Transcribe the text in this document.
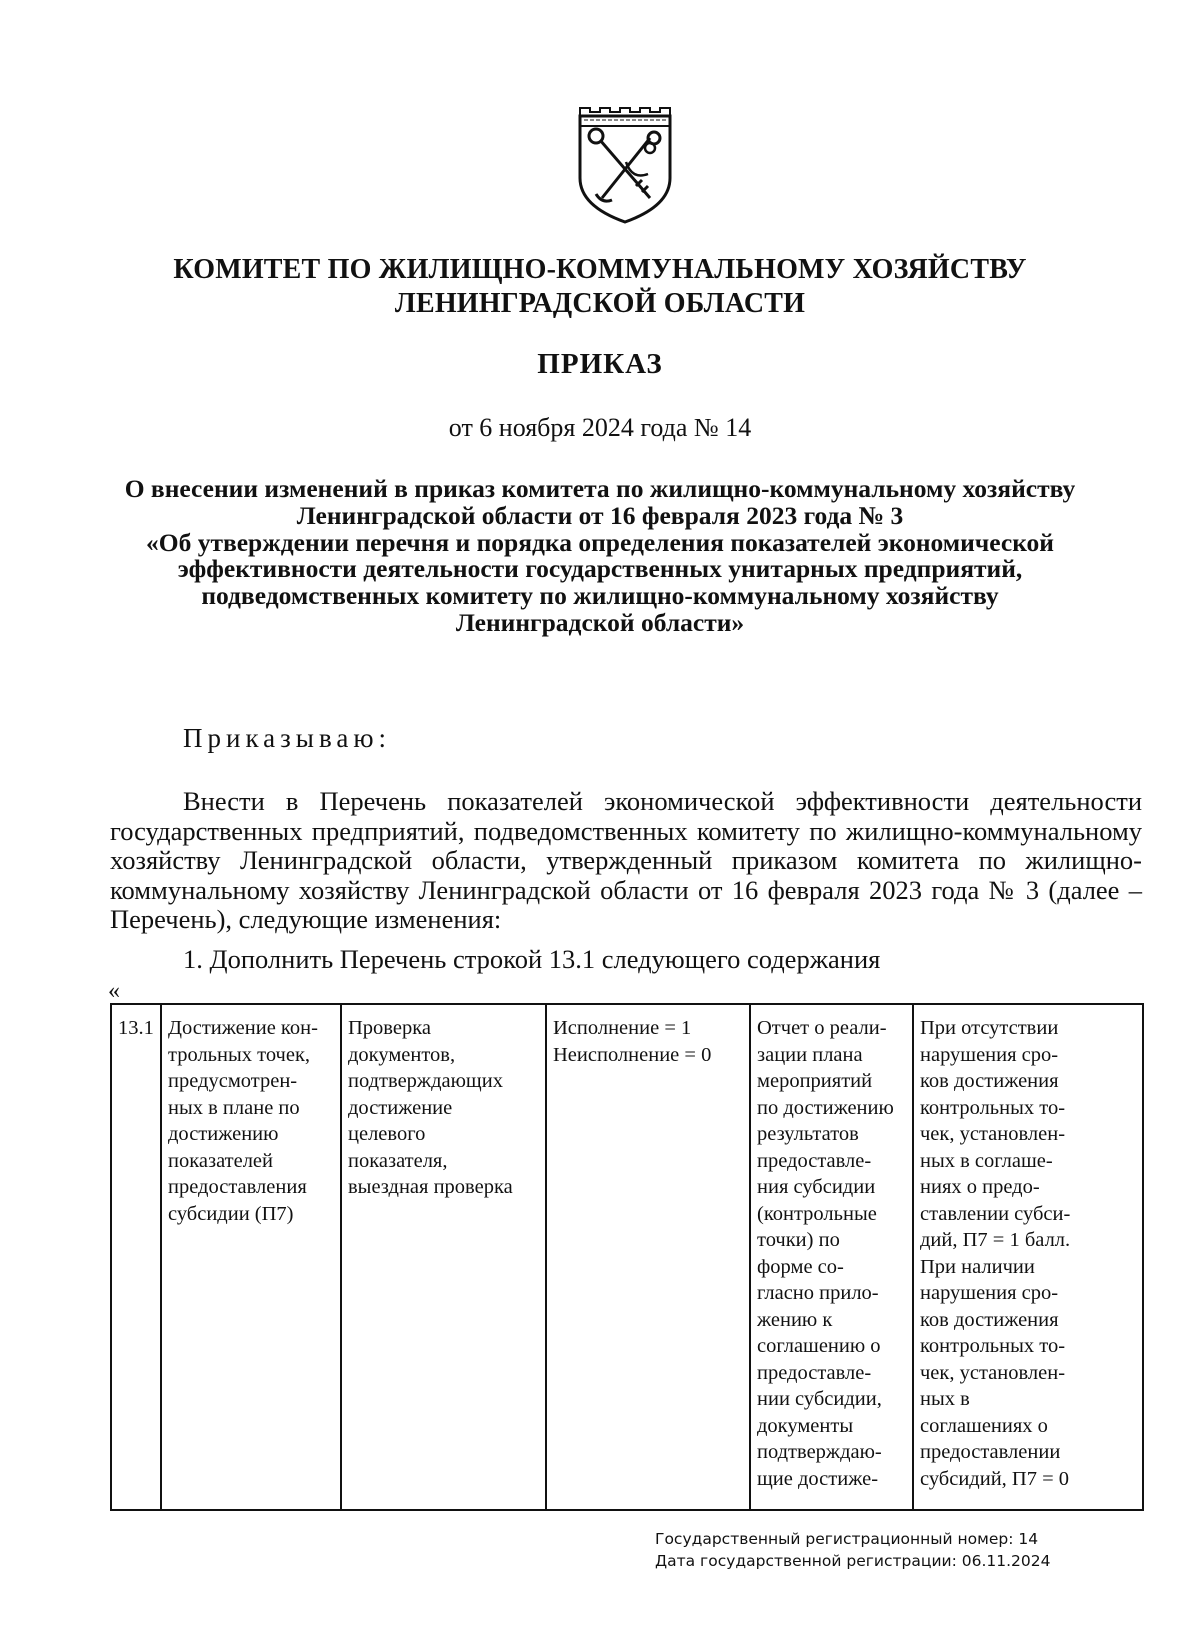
КОМИТЕТ ПО ЖИЛИЩНО-КОММУНАЛЬНОМУ ХОЗЯЙСТВУ
ЛЕНИНГРАДСКОЙ ОБЛАСТИ
ПРИКАЗ
от 6 ноября 2024 года № 14
О внесении изменений в приказ комитета по жилищно-коммунальному хозяйству
Ленинградской области от 16 февраля 2023 года № 3
«Об утверждении перечня и порядка определения показателей экономической
эффективности деятельности государственных унитарных предприятий,
подведомственных комитету по жилищно-коммунальному хозяйству
Ленинградской области»
Приказываю:
Внести в Перечень показателей экономической эффективности деятельности государственных предприятий, подведомственных комитету по жилищно-коммунальному хозяйству Ленинградской области, утвержденный приказом комитета по жилищно-коммунальному хозяйству Ленинградской области от 16 февраля 2023 года № 3 (далее – Перечень), следующие изменения:
1. Дополнить Перечень строкой 13.1 следующего содержания
«
13.1	Достижение кон-
трольных точек,
предусмотрен-
ных в плане по
достижению
показателей
предоставления
субсидии (П7)	Проверка
документов,
подтверждающих
достижение
целевого
показателя,
выездная проверка	Исполнение = 1
Неисполнение = 0	Отчет о реали-
зации плана
мероприятий
по достижению
результатов
предоставле-
ния субсидии
(контрольные
точки) по
форме со-
гласно прило-
жению к
соглашению о
предоставле-
нии субсидии,
документы
подтверждаю-
щие достиже-	При отсутствии
нарушения сро-
ков достижения
контрольных то-
чек, установлен-
ных в соглаше-
ниях о предо-
ставлении субси-
дий, П7 = 1 балл.
При наличии
нарушения сро-
ков достижения
контрольных то-
чек, установлен-
ных в
соглашениях о
предоставлении
субсидий, П7 = 0
Государственный регистрационный номер: 14
Дата государственной регистрации: 06.11.2024
